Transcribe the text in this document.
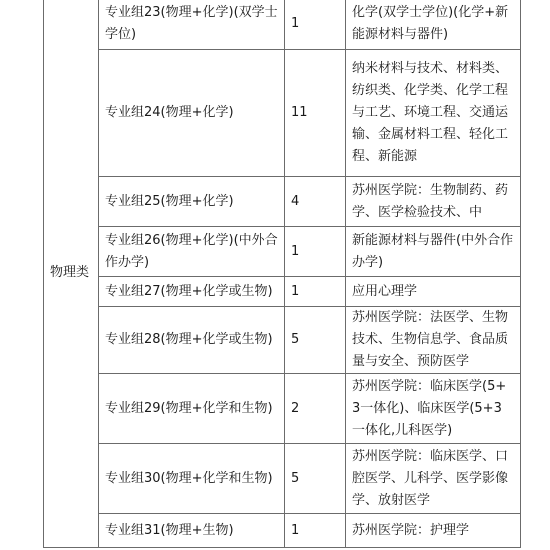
物理类	专业组23(物理+化学)(双学士学位)	1	化学(双学士学位)(化学+新能源材料与器件)

	专业组24(物理+化学)	11	纳米材料与技术、材料类、纺织类、化学类、化学工程与工艺、环境工程、交通运输、金属材料工程、轻化工程、新能源

	专业组25(物理+化学)	4	苏州医学院：生物制药、药学、医学检验技术、中

	专业组26(物理+化学)(中外合作办学)	1	新能源材料与器件(中外合作办学)

	专业组27(物理+化学或生物)	1	应用心理学

	专业组28(物理+化学或生物)	5	苏州医学院：法医学、生物技术、生物信息学、食品质量与安全、预防医学

	专业组29(物理+化学和生物)	2	苏州医学院：临床医学(5+3一体化)、临床医学(5+3一体化,儿科医学)

	专业组30(物理+化学和生物)	5	苏州医学院：临床医学、口腔医学、儿科学、医学影像学、放射医学

	专业组31(物理+生物)	1	苏州医学院：护理学
